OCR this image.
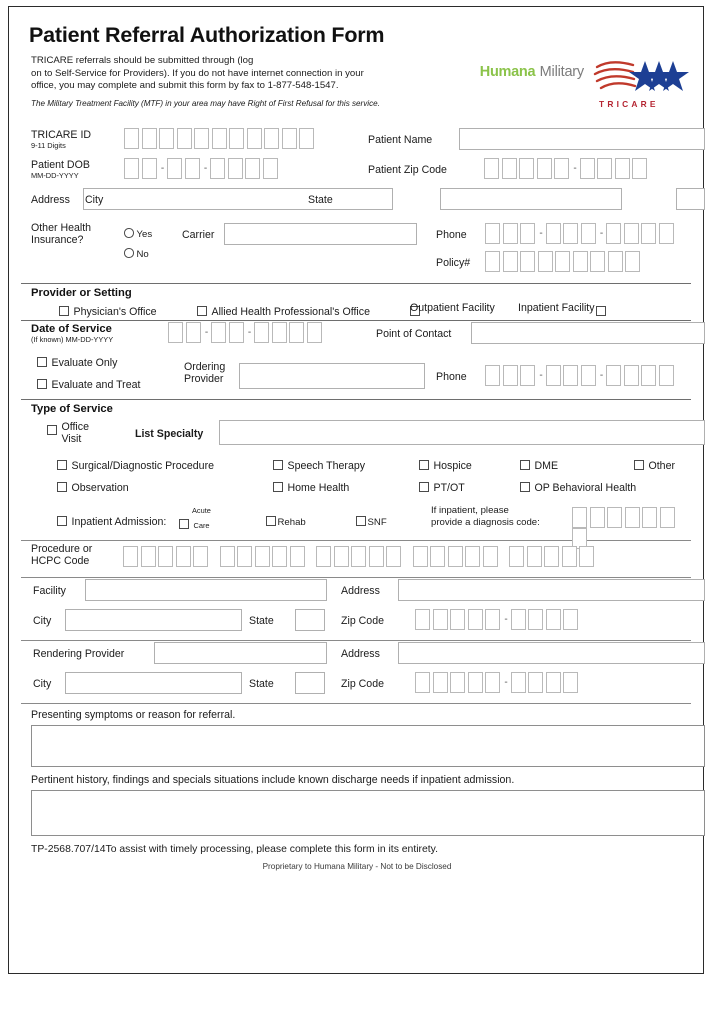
Patient Referral Authorization Form
TRICARE referrals should be submitted through (log
on to Self-Service for Providers). If you do not have internet connection in your
office, you may complete and submit this form by fax to 1-877-548-1547.
The Military Treatment Facility (MTF) in your area may have Right of First Refusal for this service.
Humana Military
TRICARE
TRICARE ID
9-11 Digits	Patient Name
Patient DOB
MM-DD-YYYY
-	-	Patient Zip Code	-
Address City	State
Other Health
Insurance?	Yes
No
Carrier	Phone	-	-
Policy#
Provider or Setting
Physician's Office	Allied Health Professional's Office	Outpatient Facility Inpatient Facility
Date of Service
(If known) MM-DD-YYYY
-	-	Point of Contact
Evaluate Only
Evaluate and Treat
Ordering
Provider	Phone	-	-
Type of Service
Office
Visit	List Specialty
Surgical/Diagnostic Procedure
Observation
Speech Therapy
Home Health
Hospice
PT/OT
DME
OP Behavioral Health
Other
Inpatient Admission:
Acute
Care	Rehab	SNF
If inpatient, please
provide a diagnosis code:
Procedure or
HCPC Code
Facility	Address
City	State	Zip Code	-
Rendering Provider	Address
City	State	Zip Code	-
Presenting symptoms or reason for referral.
Pertinent history, findings and specials situations include known discharge needs if inpatient admission.
TP-2568.707/14To assist with timely processing, please complete this form in its entirety.
Proprietary to Humana Military - Not to be Disclosed
